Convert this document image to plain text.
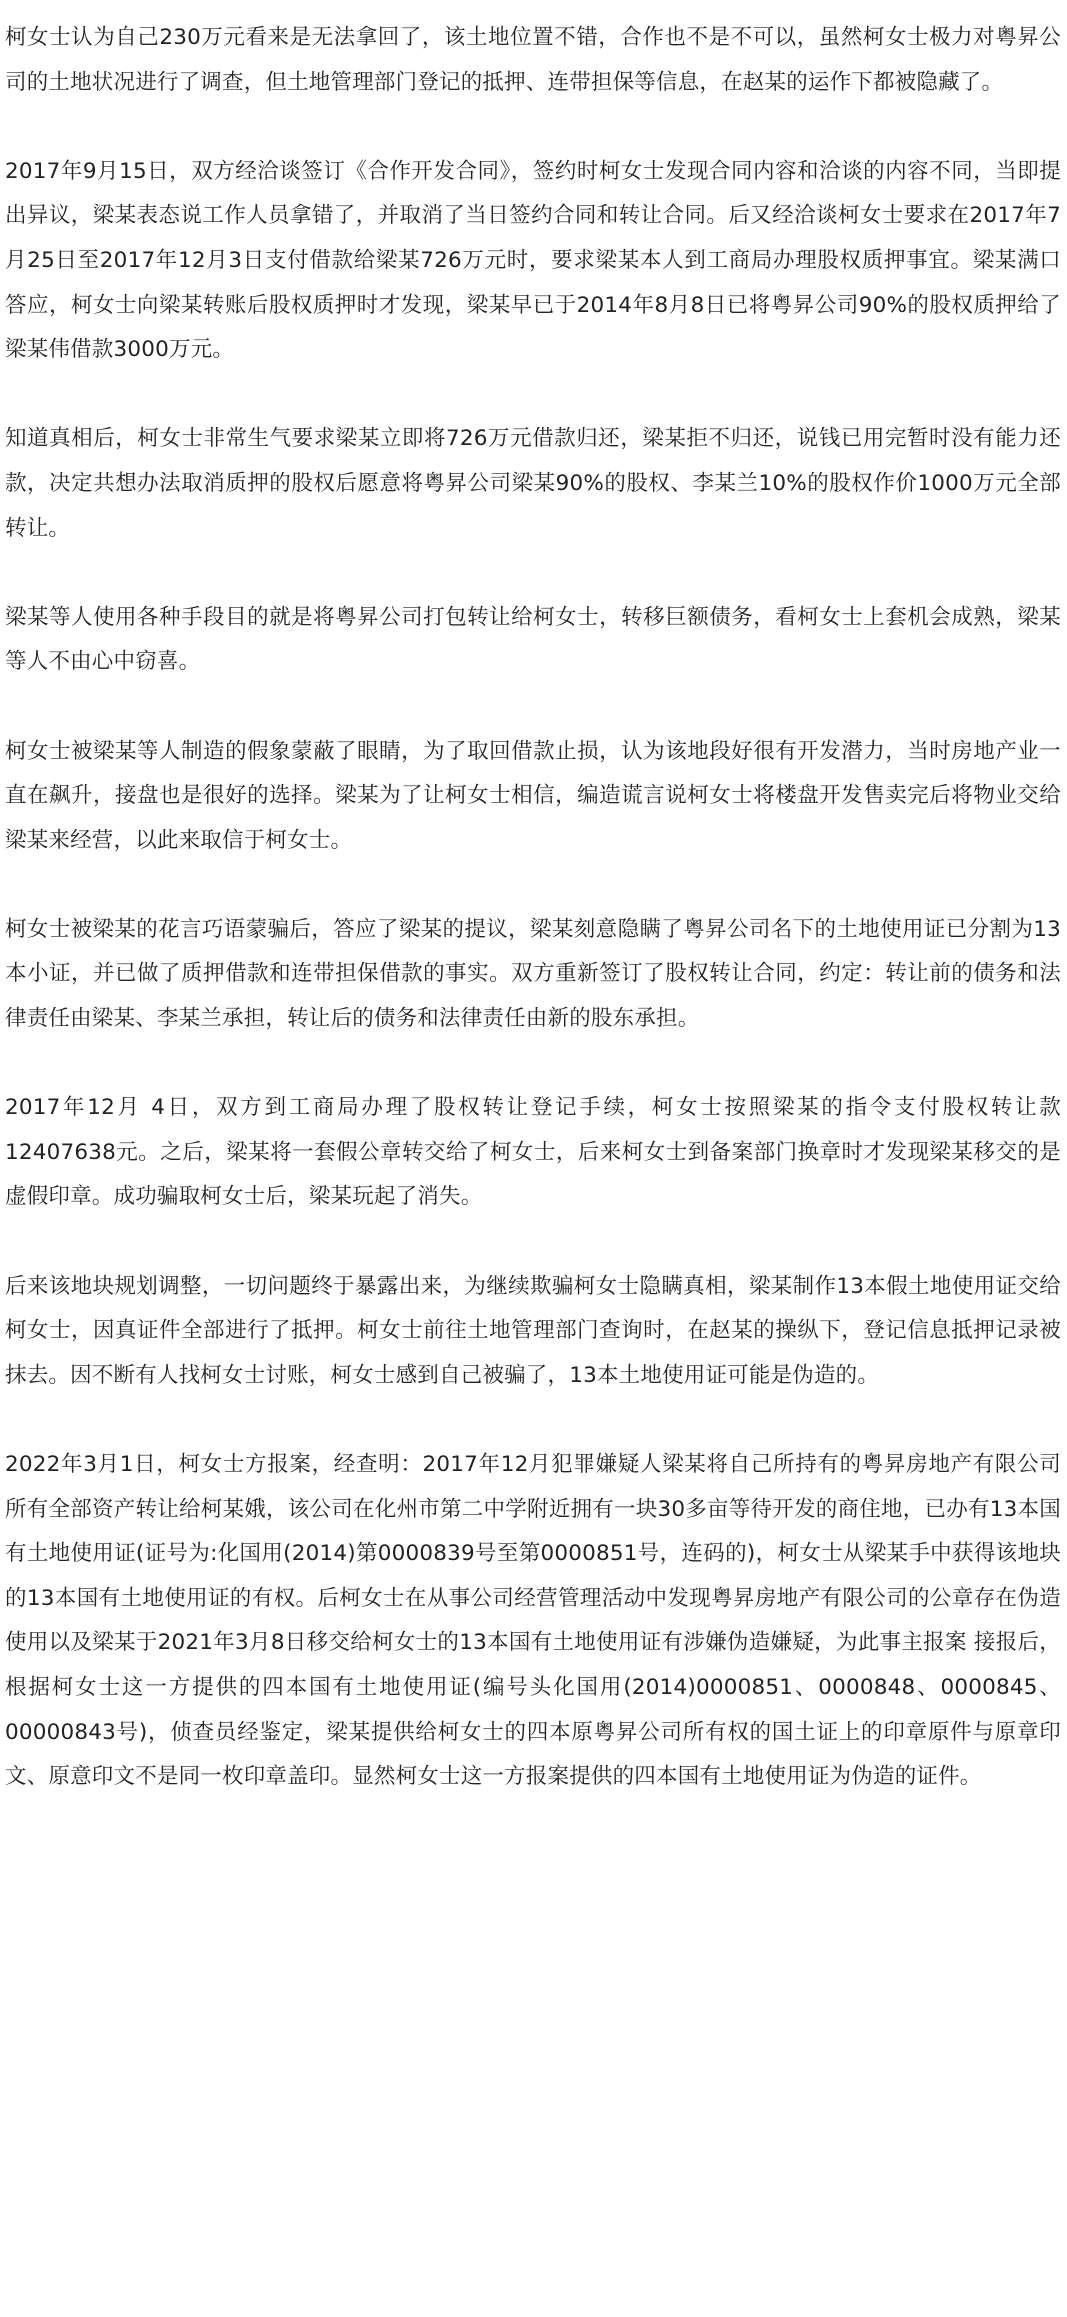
柯女士认为自己230万元看来是无法拿回了，该土地位置不错，合作也不是不可以，虽然柯女士极力对粤昇公司的土地状况进行了调查，但土地管理部门登记的抵押、连带担保等信息，在赵某的运作下都被隐藏了。

2017年9月15日，双方经洽谈签订《合作开发合同》，签约时柯女士发现合同内容和洽谈的内容不同，当即提出异议，梁某表态说工作人员拿错了，并取消了当日签约合同和转让合同。后又经洽谈柯女士要求在2017年7月25日至2017年12月3日支付借款给梁某726万元时，要求梁某本人到工商局办理股权质押事宜。梁某满口答应，柯女士向梁某转账后股权质押时才发现，梁某早已于2014年8月8日已将粤昇公司90%的股权质押给了梁某伟借款3000万元。

知道真相后，柯女士非常生气要求梁某立即将726万元借款归还，梁某拒不归还，说钱已用完暂时没有能力还款，决定共想办法取消质押的股权后愿意将粤昇公司梁某90%的股权、李某兰10%的股权作价1000万元全部转让。

梁某等人使用各种手段目的就是将粤昇公司打包转让给柯女士，转移巨额债务，看柯女士上套机会成熟，梁某等人不由心中窃喜。

柯女士被梁某等人制造的假象蒙蔽了眼睛，为了取回借款止损，认为该地段好很有开发潜力，当时房地产业一直在飙升，接盘也是很好的选择。梁某为了让柯女士相信，编造谎言说柯女士将楼盘开发售卖完后将物业交给梁某来经营，以此来取信于柯女士。

柯女士被梁某的花言巧语蒙骗后，答应了梁某的提议，梁某刻意隐瞒了粤昇公司名下的土地使用证已分割为13本小证，并已做了质押借款和连带担保借款的事实。双方重新签订了股权转让合同，约定：转让前的债务和法律责任由梁某、李某兰承担，转让后的债务和法律责任由新的股东承担。

2017年12月 4日，双方到工商局办理了股权转让登记手续，柯女士按照梁某的指令支付股权转让款12407638元。之后，梁某将一套假公章转交给了柯女士，后来柯女士到备案部门换章时才发现梁某移交的是虚假印章。成功骗取柯女士后，梁某玩起了消失。

后来该地块规划调整，一切问题终于暴露出来，为继续欺骗柯女士隐瞒真相，梁某制作13本假土地使用证交给柯女士，因真证件全部进行了抵押。柯女士前往土地管理部门查询时，在赵某的操纵下，登记信息抵押记录被抹去。因不断有人找柯女士讨账，柯女士感到自己被骗了，13本土地使用证可能是伪造的。

2022年3月1日，柯女士方报案，经查明：2017年12月犯罪嫌疑人梁某将自己所持有的粤昇房地产有限公司所有全部资产转让给柯某娥，该公司在化州市第二中学附近拥有一块30多亩等待开发的商住地，已办有13本国有土地使用证(证号为:化国用(2014)第0000839号至第0000851号，连码的)，柯女士从梁某手中获得该地块的13本国有土地使用证的有权。后柯女士在从事公司经营管理活动中发现粤昇房地产有限公司的公章存在伪造使用以及梁某于2021年3月8日移交给柯女士的13本国有土地使用证有涉嫌伪造嫌疑，为此事主报案 接报后，根据柯女士这一方提供的四本国有土地使用证(编号头化国用(2014)0000851、0000848、0000845、00000843号)，侦查员经鉴定，梁某提供给柯女士的四本原粤昇公司所有权的国土证上的印章原件与原章印文、原意印文不是同一枚印章盖印。显然柯女士这一方报案提供的四本国有土地使用证为伪造的证件。
